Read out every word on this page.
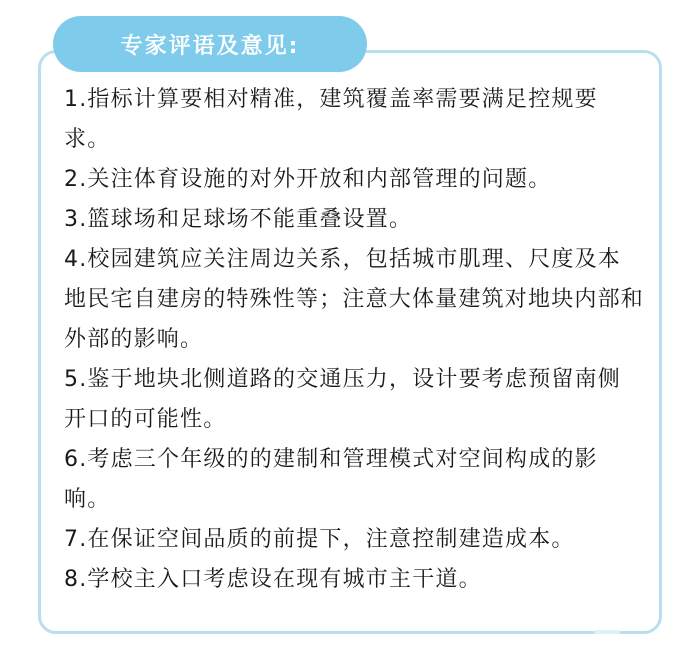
专家评语及意见:
1.指标计算要相对精准，建筑覆盖率需要满足控规要求。
2.关注体育设施的对外开放和内部管理的问题。
3.篮球场和足球场不能重叠设置。
4.校园建筑应关注周边关系，包括城市肌理、尺度及本地民宅自建房的特殊性等；注意大体量建筑对地块内部和外部的影响。
5.鉴于地块北侧道路的交通压力，设计要考虑预留南侧开口的可能性。
6.考虑三个年级的的建制和管理模式对空间构成的影响。
7.在保证空间品质的前提下，注意控制建造成本。
8.学校主入口考虑设在现有城市主干道。
